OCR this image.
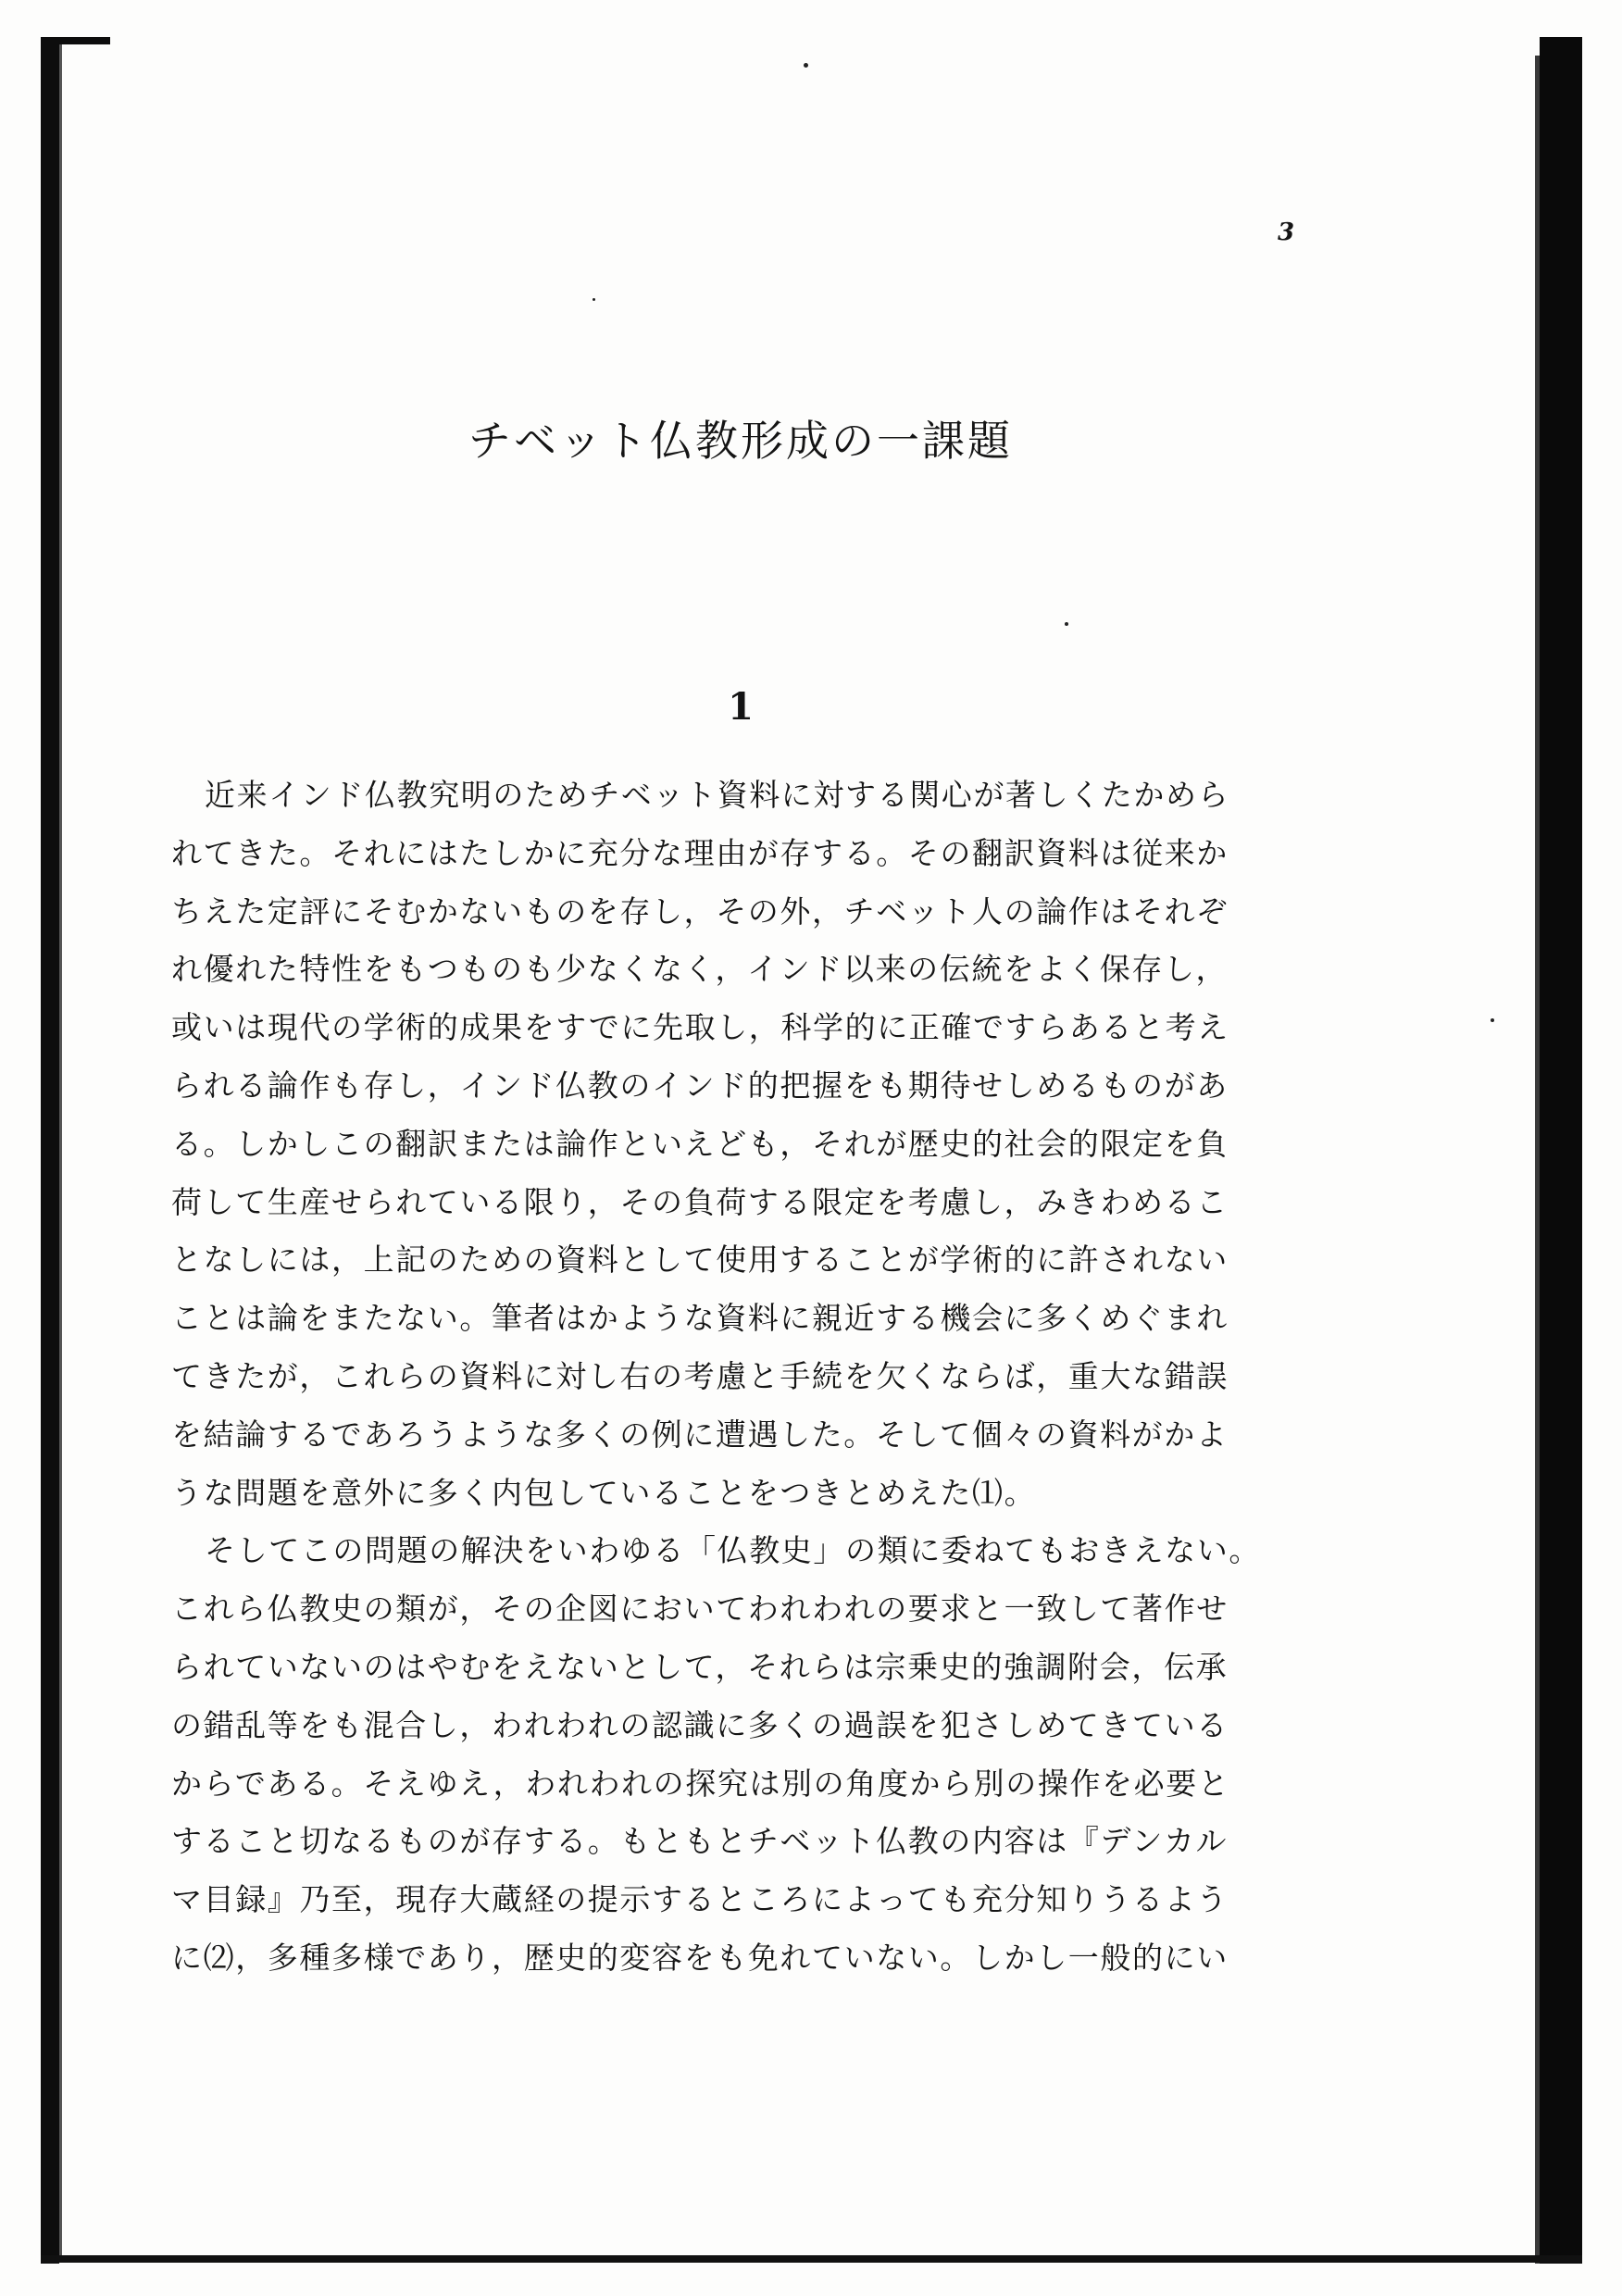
3
チベット仏教形成の一課題
1
近来インド仏教究明のためチベット資料に対する関心が著しくたかめら
れてきた。それにはたしかに充分な理由が存する。その翻訳資料は従来か
ちえた定評にそむかないものを存し，その外，チベット人の論作はそれぞ
れ優れた特性をもつものも少なくなく，インド以来の伝統をよく保存し，
或いは現代の学術的成果をすでに先取し，科学的に正確ですらあると考え
られる論作も存し，インド仏教のインド的把握をも期待せしめるものがあ
る。しかしこの翻訳または論作といえども，それが歴史的社会的限定を負
荷して生産せられている限り，その負荷する限定を考慮し，みきわめるこ
となしには，上記のための資料として使用することが学術的に許されない
ことは論をまたない。筆者はかような資料に親近する機会に多くめぐまれ
てきたが，これらの資料に対し右の考慮と手続を欠くならば，重大な錯誤
を結論するであろうような多くの例に遭遇した。そして個々の資料がかよ
うな問題を意外に多く内包していることをつきとめえた⑴。
そしてこの問題の解決をいわゆる「仏教史」の類に委ねてもおきえない。
これら仏教史の類が，その企図においてわれわれの要求と一致して著作せ
られていないのはやむをえないとして，それらは宗乗史的強調附会，伝承
の錯乱等をも混合し，われわれの認識に多くの過誤を犯さしめてきている
からである。そえゆえ，われわれの探究は別の角度から別の操作を必要と
すること切なるものが存する。もともとチベット仏教の内容は『デンカル
マ目録』乃至，現存大蔵経の提示するところによっても充分知りうるよう
に⑵，多種多様であり，歴史的変容をも免れていない。しかし一般的にい
